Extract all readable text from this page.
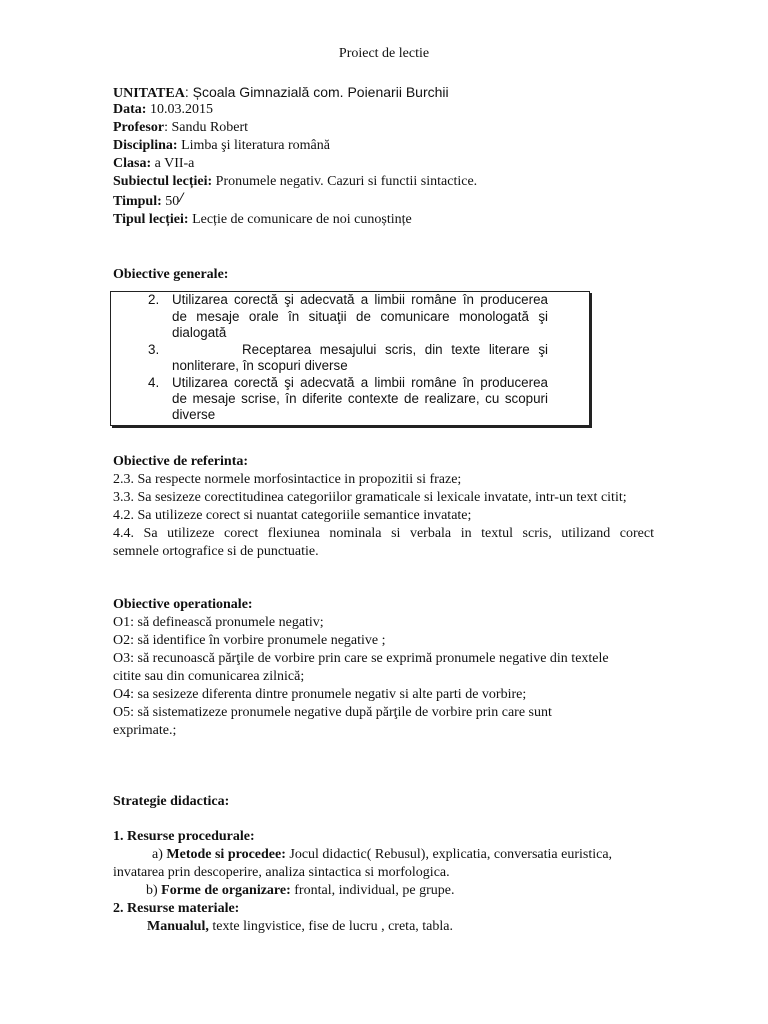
Proiect de lectie
UNITATEA: Școala Gimnazială com. Poienarii Burchii
Data: 10.03.2015
Profesor: Sandu Robert
Disciplina: Limba şi literatura română
Clasa: a VII-a
Subiectul lecției: Pronumele negativ. Cazuri si functii sintactice.
Timpul: 50/
Tipul lecției: Lecție de comunicare de noi cunoștințe
Obiective generale:
2. Utilizarea corectă şi adecvată a limbii române în producerea
de mesaje orale în situaţii de comunicare monologată şi
dialogată
3.	Receptarea mesajului scris, din texte literare şi
nonliterare, în scopuri diverse
4. Utilizarea corectă şi adecvată a limbii române în producerea
de mesaje scrise, în diferite contexte de realizare, cu scopuri
diverse
Obiective de referinta:
2.3. Sa respecte normele morfosintactice in propozitii si fraze;
3.3. Sa sesizeze corectitudinea categoriilor gramaticale si lexicale invatate, intr-un text citit;
4.2. Sa utilizeze corect si nuantat categoriile semantice invatate;
4.4. Sa utilizeze corect flexiunea nominala si verbala in textul scris, utilizand corect
semnele ortografice si de punctuatie.
Obiective operationale:
O1: să definească pronumele negativ;
O2: să identifice în vorbire pronumele negative ;
O3: să recunoască părţile de vorbire prin care se exprimă pronumele negative din textele
citite sau din comunicarea zilnică;
O4: sa sesizeze diferenta dintre pronumele negativ si alte parti de vorbire;
O5: să sistematizeze pronumele negative după părţile de vorbire prin care sunt
exprimate.;
Strategie didactica:
1. Resurse procedurale:
a) Metode si procedee: Jocul didactic( Rebusul), explicatia, conversatia euristica,
invatarea prin descoperire, analiza sintactica si morfologica.
b) Forme de organizare: frontal, individual, pe grupe.
2. Resurse materiale:
Manualul, texte lingvistice, fise de lucru , creta, tabla.
